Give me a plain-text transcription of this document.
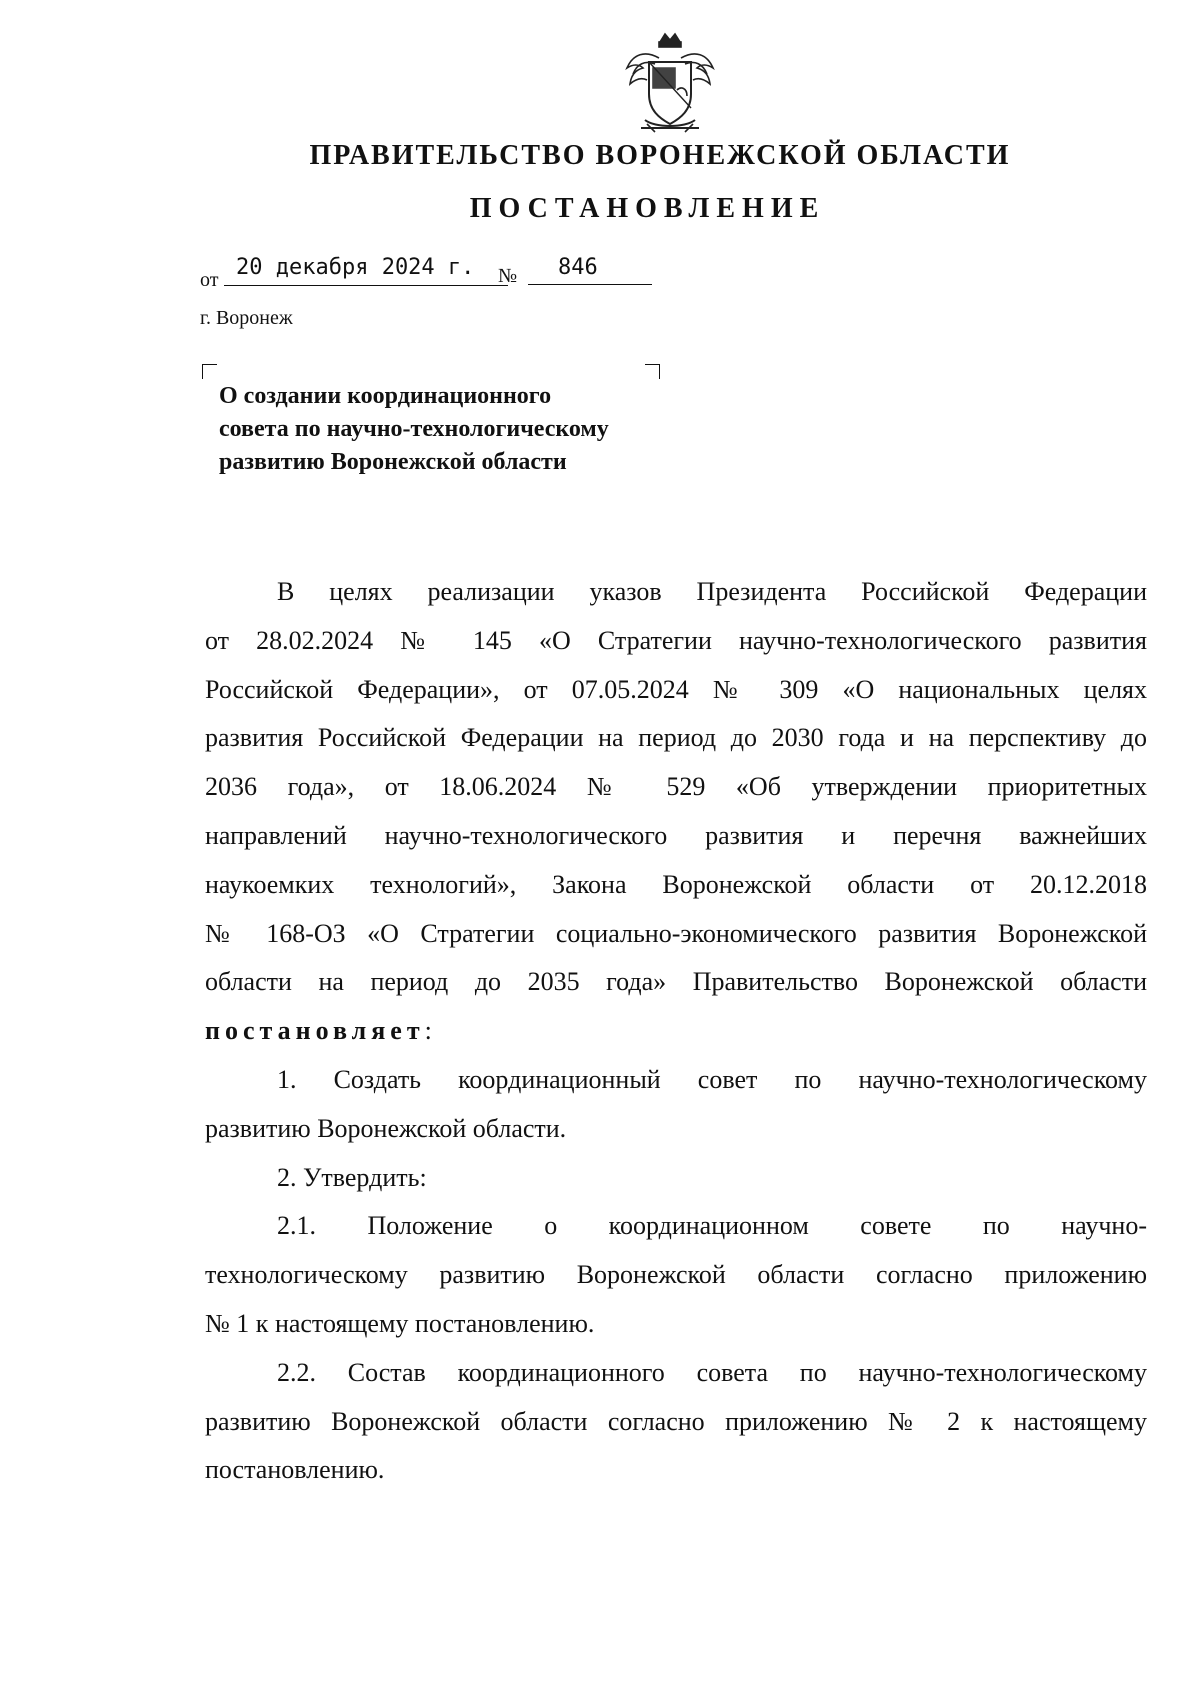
ПРАВИТЕЛЬСТВО ВОРОНЕЖСКОЙ ОБЛАСТИ
ПОСТАНОВЛЕНИЕ
от 20 декабря 2024 г.	№	846
г. Воронеж
О создании координационного
совета по научно-технологическому
развитию Воронежской области
В целях реализации указов Президента Российской Федерации
от 28.02.2024 № 145 «О Стратегии научно-технологического развития
Российской Федерации», от 07.05.2024 № 309 «О национальных целях
развития Российской Федерации на период до 2030 года и на перспективу до
2036 года», от 18.06.2024 № 529 «Об утверждении приоритетных
направлений научно-технологического развития и перечня важнейших
наукоемких технологий», Закона Воронежской области от 20.12.2018
№ 168-ОЗ «О Стратегии социально-экономического развития Воронежской
области на период до 2035 года» Правительство Воронежской области
постановляет:
1. Создать координационный совет по научно-технологическому
развитию Воронежской области.
2. Утвердить:
2.1. Положение о координационном совете по научно-
технологическому развитию Воронежской области согласно приложению
№ 1 к настоящему постановлению.
2.2. Состав координационного совета по научно-технологическому
развитию Воронежской области согласно приложению № 2 к настоящему
постановлению.
